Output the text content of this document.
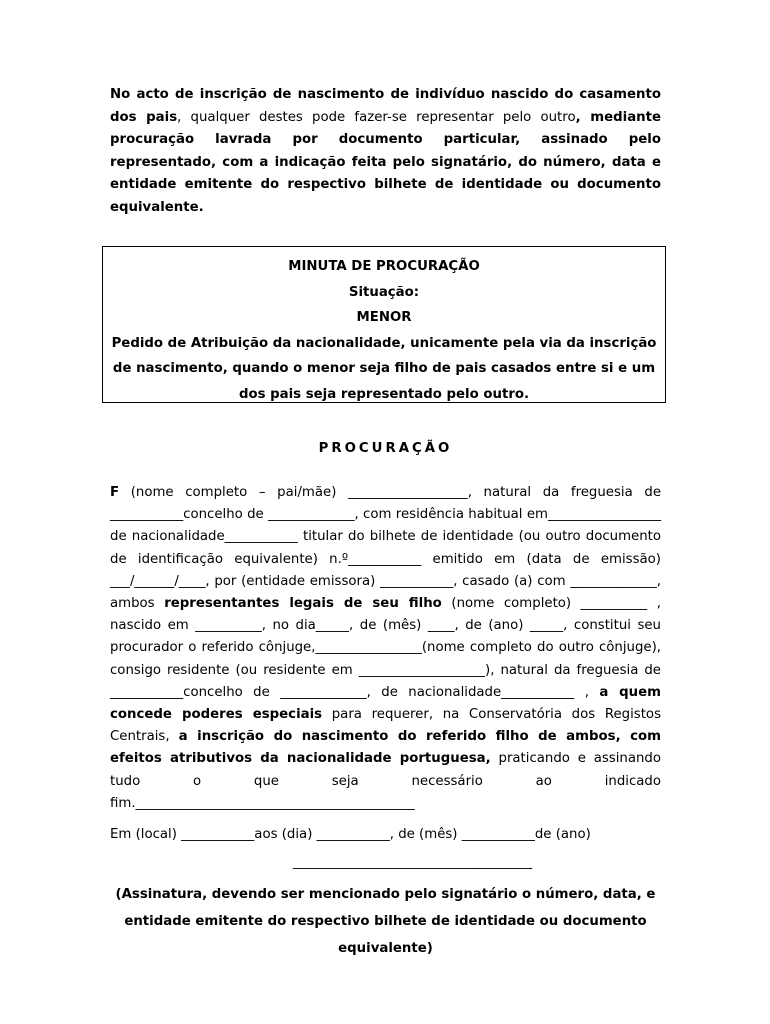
No acto de inscrição de nascimento de indivíduo nascido do casamento dos pais, qualquer destes pode fazer-se representar pelo outro, mediante procuração lavrada por documento particular, assinado pelo representado, com a indicação feita pelo signatário, do número, data e entidade emitente do respectivo bilhete de identidade ou documento equivalente.

MINUTA DE PROCURAÇÃO
Situação:
MENOR
Pedido de Atribuição da nacionalidade, unicamente pela via da inscrição de nascimento, quando o menor seja filho de pais casados entre si e um dos pais seja representado pelo outro.
PROCURAÇÃO

F (nome completo – pai/mãe) __________________, natural da freguesia de ___________concelho de _____________, com residência habitual em_________________ de nacionalidade___________ titular do bilhete de identidade (ou outro documento de identificação equivalente) n.º___________ emitido em (data de emissão) ___/______/____, por (entidade emissora) ___________, casado (a) com _____________, ambos representantes legais de seu filho (nome completo) __________ , nascido em __________, no dia_____, de (mês) ____, de (ano) _____, constitui seu procurador o referido cônjuge,________________(nome completo do outro cônjuge), consigo residente (ou residente em ___________________), natural da freguesia de ___________concelho de _____________, de nacionalidade___________ , a quem concede poderes especiais para requerer, na Conservatória dos Registos Centrais, a inscrição do nascimento do referido filho de ambos, com efeitos atributivos da nacionalidade portuguesa, praticando e assinando tudo o que seja necessário ao indicado fim.__________________________________________

Em (local) ___________aos (dia) ___________, de (mês) ___________de (ano)
____________________________________
(Assinatura, devendo ser mencionado pelo signatário o número, data, e entidade emitente do respectivo bilhete de identidade ou documento equivalente)
